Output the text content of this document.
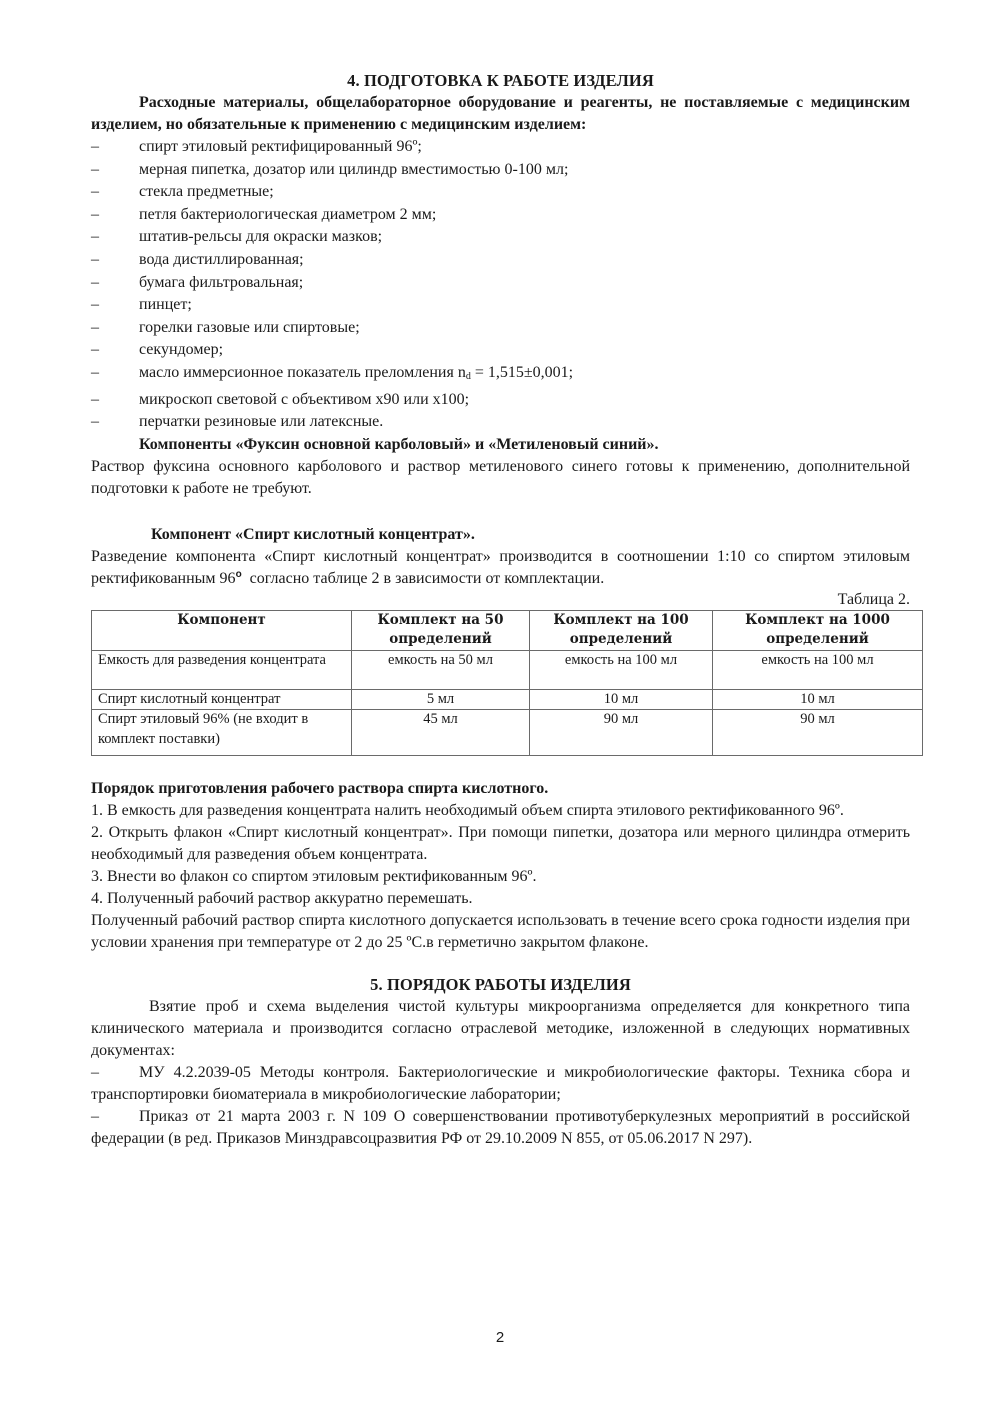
4. ПОДГОТОВКА К РАБОТЕ ИЗДЕЛИЯ

Расходные материалы, общелабораторное оборудование и реагенты, не поставляемые с медицинским изделием, но обязательные к применению с медицинским изделием:

–	спирт этиловый ректифицированный 96º;
–	мерная пипетка, дозатор или цилиндр вместимостью 0-100 мл;
–	стекла предметные;
–	петля бактериологическая диаметром 2 мм;
–	штатив-рельсы для окраски мазков;
–	вода дистиллированная;
–	бумага фильтровальная;
–	пинцет;
–	горелки газовые или спиртовые;
–	секундомер;
–	масло иммерсионное показатель преломления $n_d = 1,515\pm 0,001$;
–	микроскоп световой с объективом х90 или х100;
–	перчатки резиновые или латексные.

Компоненты «Фуксин основной карболовый» и «Метиленовый синий».

Раствор фуксина основного карболового и раствор метиленового синего готовы к применению, дополнительной подготовки к работе не требуют.

Компонент «Спирт кислотный концентрат».

Разведение компонента «Спирт кислотный концентрат» производится в соотношении 1:10 со спиртом этиловым ректификованным 96$^o$  согласно таблице 2 в зависимости от комплектации.

Таблица 2.

Компонент	Комплект на 50 определений	Комплект на 100 определений	Комплект на 1000 определений
Емкость для разведения концентрата	емкость на 50 мл	емкость на 100 мл	емкость на 100 мл
Спирт кислотный концентрат	5 мл	10 мл	10 мл
Спирт этиловый 96% (не входит в комплект поставки)	45 мл	90 мл	90 мл

Порядок приготовления рабочего раствора спирта кислотного.

1. В емкость для разведения концентрата налить необходимый объем спирта этилового ректификованного 96º.

2. Открыть флакон «Спирт кислотный концентрат». При помощи пипетки, дозатора или мерного цилиндра отмерить необходимый для разведения объем концентрата.

3. Внести во флакон со спиртом этиловым ректификованным 96º.

4. Полученный рабочий раствор аккуратно перемешать.

Полученный рабочий раствор спирта кислотного допускается использовать в течение всего срока годности изделия при условии хранения при температуре от 2 до 25 ºС.в герметично закрытом флаконе.

5. ПОРЯДОК РАБОТЫ ИЗДЕЛИЯ

Взятие проб и схема выделения чистой культуры микроорганизма определяется для конкретного типа клинического материала и производится согласно отраслевой методике, изложенной в следующих нормативных документах:

–	МУ 4.2.2039-05 Методы контроля. Бактериологические и микробиологические факторы. Техника сбора и транспортировки биоматериала в микробиологические лаборатории;

–	Приказ от 21 марта 2003 г. N 109 О совершенствовании противотуберкулезных мероприятий в российской федерации (в ред. Приказов Минздравсоцразвития РФ от 29.10.2009 N 855, от 05.06.2017 N 297).

2
